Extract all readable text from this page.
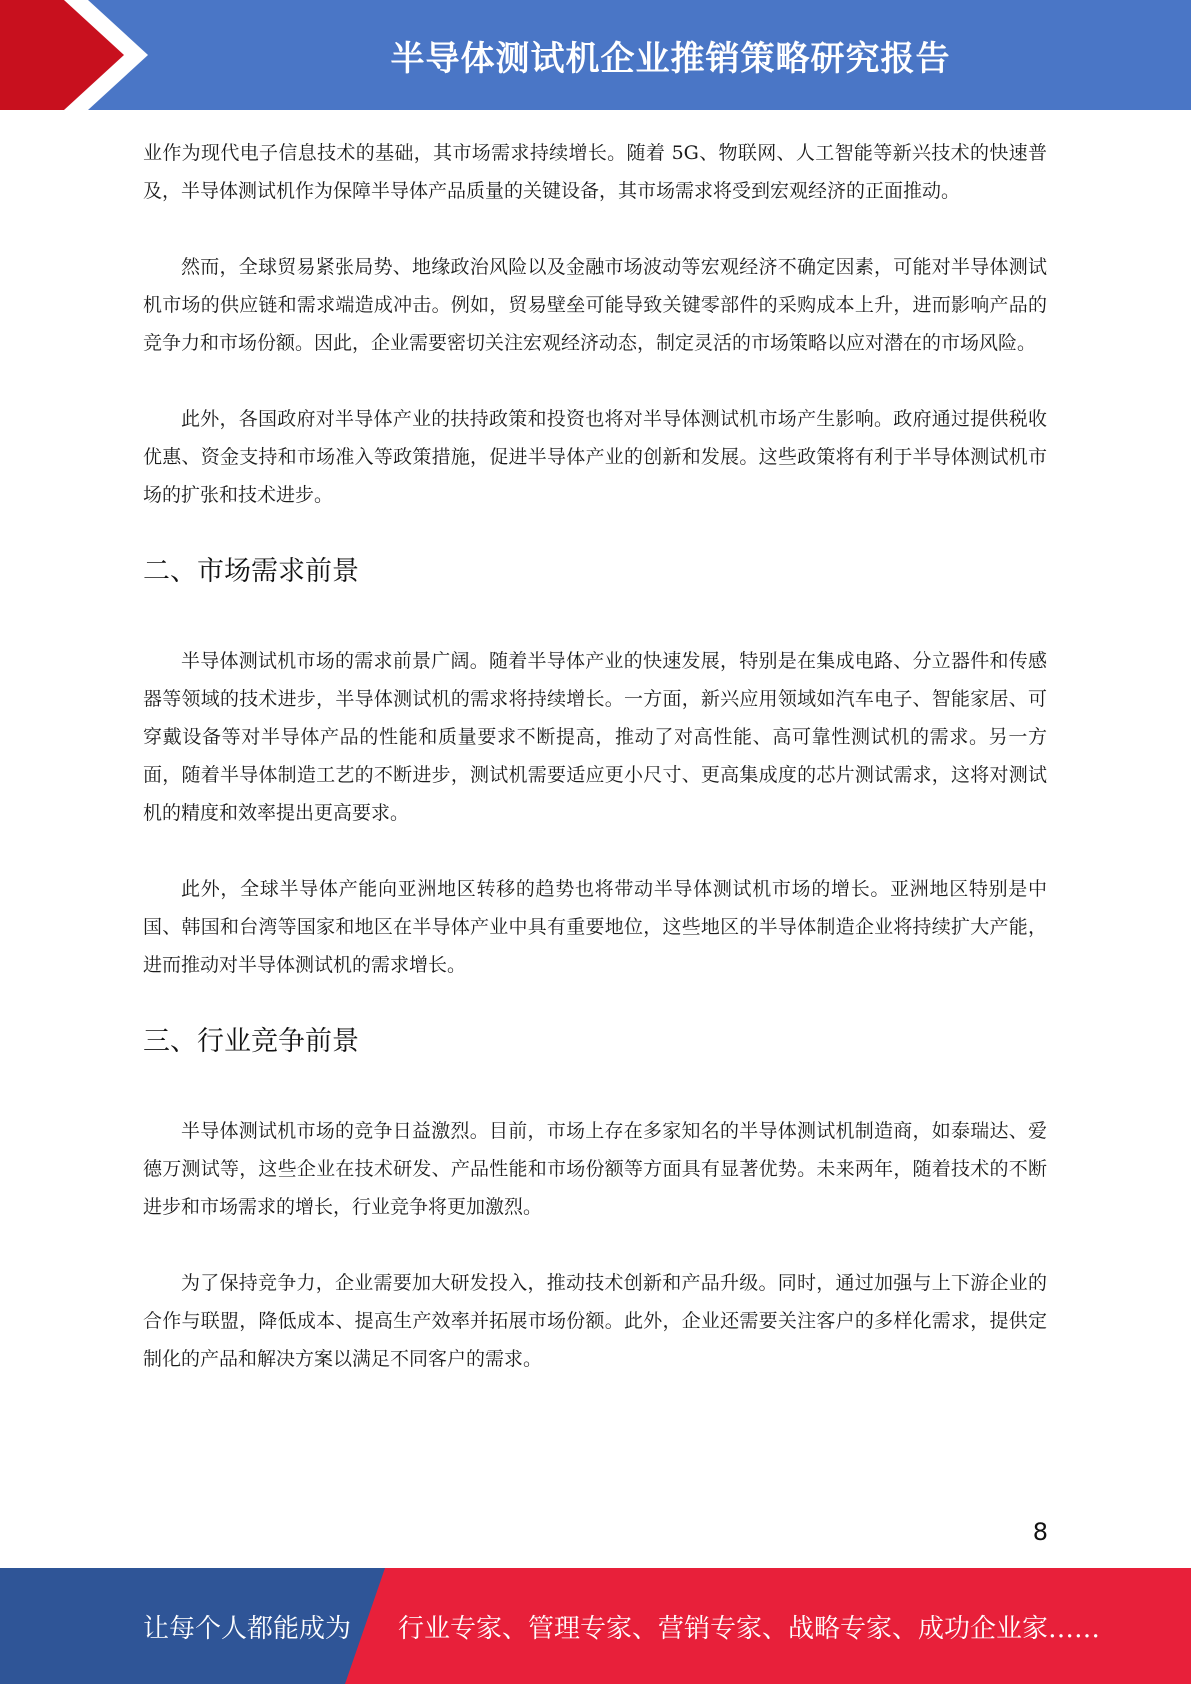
半导体测试机企业推销策略研究报告

业作为现代电子信息技术的基础，其市场需求持续增长。随着 5G、物联网、人工智能等新兴技术的快速普及，半导体测试机作为保障半导体产品质量的关键设备，其市场需求将受到宏观经济的正面推动。

然而，全球贸易紧张局势、地缘政治风险以及金融市场波动等宏观经济不确定因素，可能对半导体测试机市场的供应链和需求端造成冲击。例如，贸易壁垒可能导致关键零部件的采购成本上升，进而影响产品的竞争力和市场份额。因此，企业需要密切关注宏观经济动态，制定灵活的市场策略以应对潜在的市场风险。

此外，各国政府对半导体产业的扶持政策和投资也将对半导体测试机市场产生影响。政府通过提供税收优惠、资金支持和市场准入等政策措施，促进半导体产业的创新和发展。这些政策将有利于半导体测试机市场的扩张和技术进步。

二、市场需求前景

半导体测试机市场的需求前景广阔。随着半导体产业的快速发展，特别是在集成电路、分立器件和传感器等领域的技术进步，半导体测试机的需求将持续增长。一方面，新兴应用领域如汽车电子、智能家居、可穿戴设备等对半导体产品的性能和质量要求不断提高，推动了对高性能、高可靠性测试机的需求。另一方面，随着半导体制造工艺的不断进步，测试机需要适应更小尺寸、更高集成度的芯片测试需求，这将对测试机的精度和效率提出更高要求。

此外，全球半导体产能向亚洲地区转移的趋势也将带动半导体测试机市场的增长。亚洲地区特别是中国、韩国和台湾等国家和地区在半导体产业中具有重要地位，这些地区的半导体制造企业将持续扩大产能，进而推动对半导体测试机的需求增长。

三、行业竞争前景

半导体测试机市场的竞争日益激烈。目前，市场上存在多家知名的半导体测试机制造商，如泰瑞达、爱德万测试等，这些企业在技术研发、产品性能和市场份额等方面具有显著优势。未来两年，随着技术的不断进步和市场需求的增长，行业竞争将更加激烈。

为了保持竞争力，企业需要加大研发投入，推动技术创新和产品升级。同时，通过加强与上下游企业的合作与联盟，降低成本、提高生产效率并拓展市场份额。此外，企业还需要关注客户的多样化需求，提供定制化的产品和解决方案以满足不同客户的需求。

8
让每个人都能成为 行业专家、管理专家、营销专家、战略专家、成功企业家……
